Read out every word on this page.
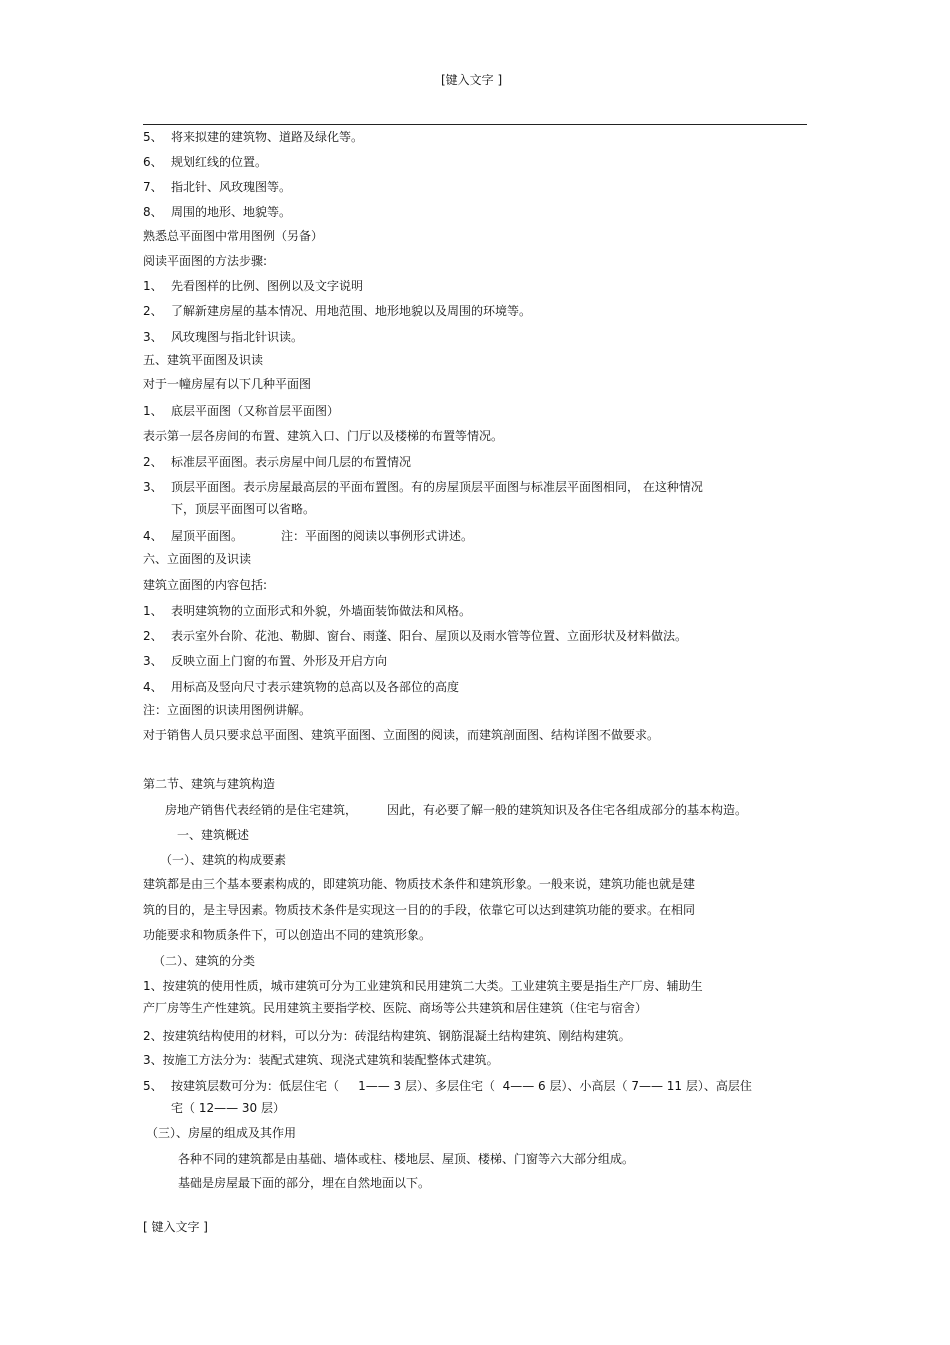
[键入文字 ]

5、 将来拟建的建筑物、道路及绿化等。

6、 规划红线的位置。

7、 指北针、风玫瑰图等。

8、 周围的地形、地貌等。

熟悉总平面图中常用图例（另备）

阅读平面图的方法步骤:

1、 先看图样的比例、图例以及文字说明

2、 了解新建房屋的基本情况、用地范围、地形地貌以及周围的环境等。

3、 风玫瑰图与指北针识读。

五、建筑平面图及识读

对于一幢房屋有以下几种平面图

1、 底层平面图（又称首层平面图）

表示第一层各房间的布置、建筑入口、门厅以及楼梯的布置等情况。

2、 标准层平面图。表示房屋中间几层的布置情况

3、 顶层平面图。表示房屋最高层的平面布置图。有的房屋顶层平面图与标准层平面图相同， 在这种情况

下，顶层平面图可以省略。

4、 屋顶平面图。	注：平面图的阅读以事例形式讲述。

六、立面图的及识读

建筑立面图的内容包括:

1、 表明建筑物的立面形式和外貌，外墙面装饰做法和风格。

2、 表示室外台阶、花池、勒脚、窗台、雨蓬、阳台、屋顶以及雨水管等位置、立面形状及材料做法。

3、 反映立面上门窗的布置、外形及开启方向

4、 用标高及竖向尺寸表示建筑物的总高以及各部位的高度

注：立面图的识读用图例讲解。

对于销售人员只要求总平面图、建筑平面图、立面图的阅读，而建筑剖面图、结构详图不做要求。

第二节、建筑与建筑构造

房地产销售代表经销的是住宅建筑，	因此，有必要了解一般的建筑知识及各住宅各组成部分的基本构造。

一、建筑概述

（一）、建筑的构成要素

建筑都是由三个基本要素构成的，即建筑功能、物质技术条件和建筑形象。一般来说，建筑功能也就是建

筑的目的，是主导因素。物质技术条件是实现这一目的的手段，依靠它可以达到建筑功能的要求。在相同

功能要求和物质条件下，可以创造出不同的建筑形象。

（二）、建筑的分类

1、按建筑的使用性质，城市建筑可分为工业建筑和民用建筑二大类。工业建筑主要是指生产厂房、辅助生

产厂房等生产性建筑。民用建筑主要指学校、医院、商场等公共建筑和居住建筑（住宅与宿舍）

2、按建筑结构使用的材料，可以分为：砖混结构建筑、钢筋混凝土结构建筑、刚结构建筑。

3、按施工方法分为：装配式建筑、现浇式建筑和装配整体式建筑。

5、 按建筑层数可分为：低层住宅（     1—— 3 层）、多层住宅（  4—— 6 层）、小高层（ 7—— 11 层）、高层住

宅（ 12—— 30 层）

（三）、房屋的组成及其作用

各种不同的建筑都是由基础、墙体或柱、楼地层、屋顶、楼梯、门窗等六大部分组成。

基础是房屋最下面的部分，埋在自然地面以下。

[ 键入文字 ]
